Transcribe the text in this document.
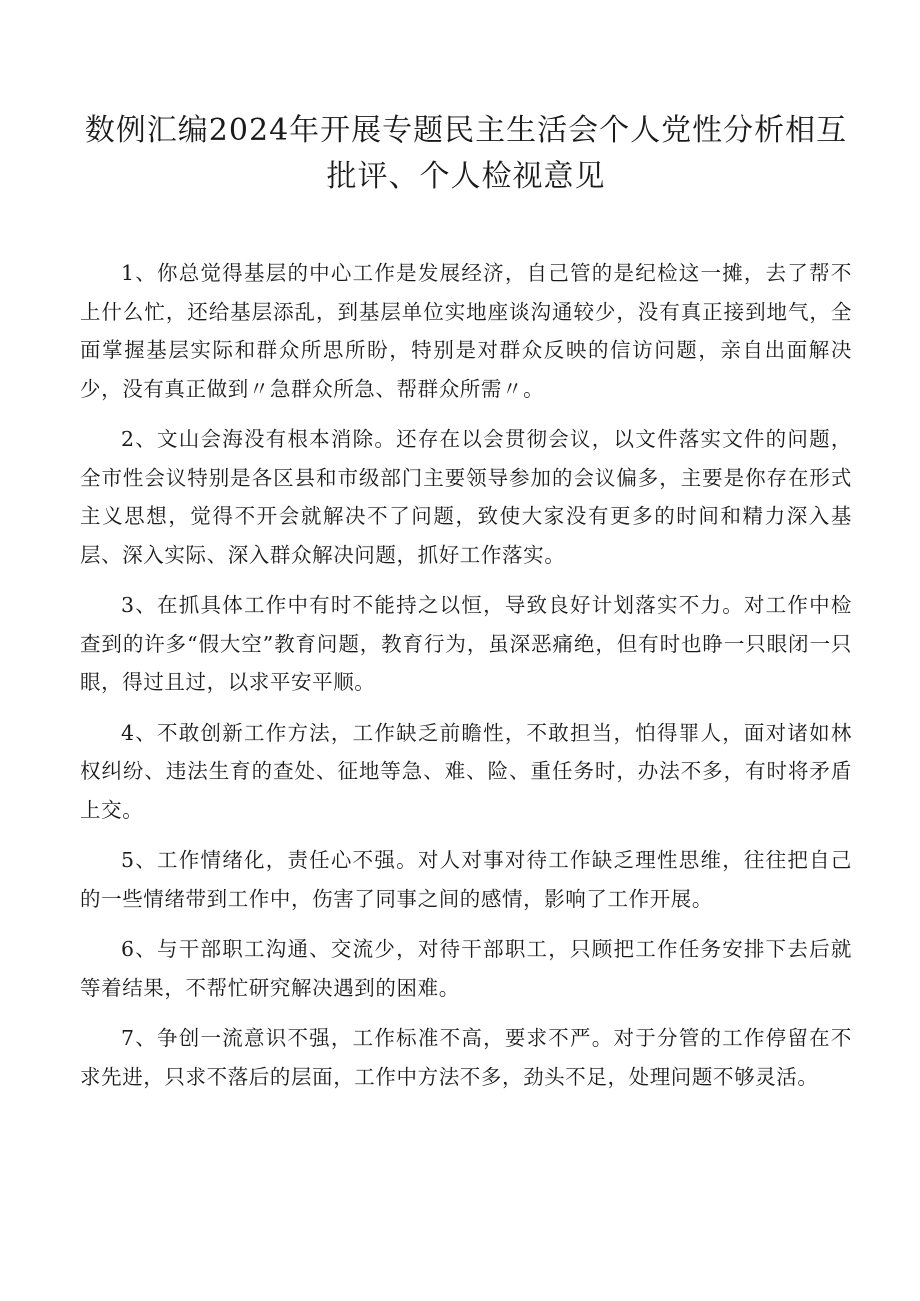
数例汇编2024年开展专题民主生活会个人党性分析相互批评、个人检视意见

1、你总觉得基层的中心工作是发展经济，自己管的是纪检这一摊，去了帮不上什么忙，还给基层添乱，到基层单位实地座谈沟通较少，没有真正接到地气，全面掌握基层实际和群众所思所盼，特别是对群众反映的信访问题，亲自出面解决少，没有真正做到〃急群众所急、帮群众所需〃。

2、文山会海没有根本消除。还存在以会贯彻会议，以文件落实文件的问题，全市性会议特别是各区县和市级部门主要领导参加的会议偏多，主要是你存在形式主义思想，觉得不开会就解决不了问题，致使大家没有更多的时间和精力深入基层、深入实际、深入群众解决问题，抓好工作落实。

3、在抓具体工作中有时不能持之以恒，导致良好计划落实不力。对工作中检查到的许多“假大空”教育问题，教育行为，虽深恶痛绝，但有时也睁一只眼闭一只眼，得过且过，以求平安平顺。

4、不敢创新工作方法，工作缺乏前瞻性，不敢担当，怕得罪人，面对诸如林权纠纷、违法生育的查处、征地等急、难、险、重任务时，办法不多，有时将矛盾上交。

5、工作情绪化，责任心不强。对人对事对待工作缺乏理性思维，往往把自己的一些情绪带到工作中，伤害了同事之间的感情，影响了工作开展。

6、与干部职工沟通、交流少，对待干部职工，只顾把工作任务安排下去后就等着结果，不帮忙研究解决遇到的困难。

7、争创一流意识不强，工作标准不高，要求不严。对于分管的工作停留在不求先进，只求不落后的层面，工作中方法不多，劲头不足，处理问题不够灵活。
